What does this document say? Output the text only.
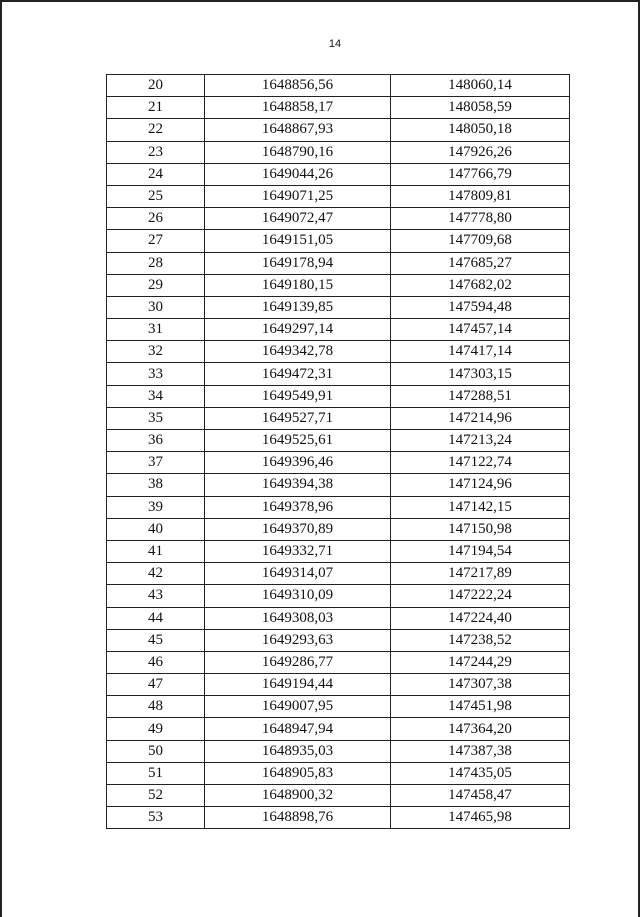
14
20	1648856,56	148060,14
21	1648858,17	148058,59
22	1648867,93	148050,18
23	1648790,16	147926,26
24	1649044,26	147766,79
25	1649071,25	147809,81
26	1649072,47	147778,80
27	1649151,05	147709,68
28	1649178,94	147685,27
29	1649180,15	147682,02
30	1649139,85	147594,48
31	1649297,14	147457,14
32	1649342,78	147417,14
33	1649472,31	147303,15
34	1649549,91	147288,51
35	1649527,71	147214,96
36	1649525,61	147213,24
37	1649396,46	147122,74
38	1649394,38	147124,96
39	1649378,96	147142,15
40	1649370,89	147150,98
41	1649332,71	147194,54
42	1649314,07	147217,89
43	1649310,09	147222,24
44	1649308,03	147224,40
45	1649293,63	147238,52
46	1649286,77	147244,29
47	1649194,44	147307,38
48	1649007,95	147451,98
49	1648947,94	147364,20
50	1648935,03	147387,38
51	1648905,83	147435,05
52	1648900,32	147458,47
53	1648898,76	147465,98
